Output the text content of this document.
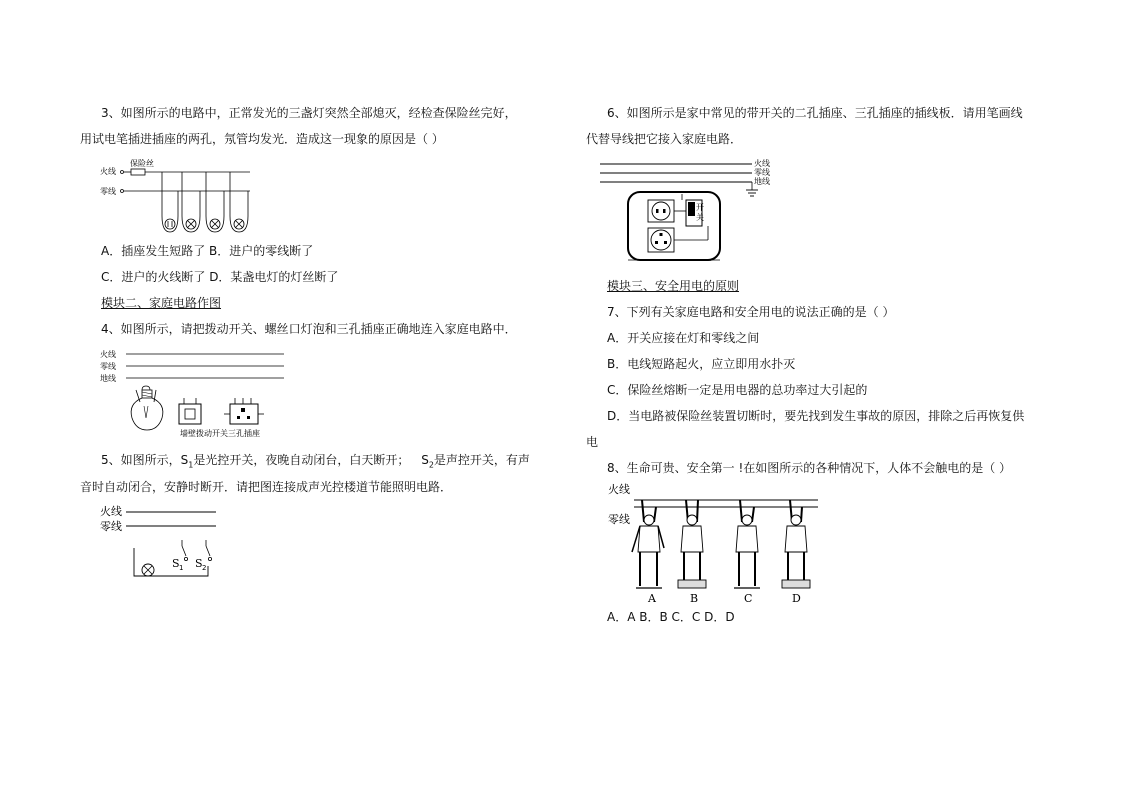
3、如图所示的电路中，正常发光的三盏灯突然全部熄灭，经检查保险丝完好，
用试电笔插进插座的两孔，氖管均发光．造成这一现象的原因是（ ）
火线
保险丝
零线
A．插座发生短路了 B．进户的零线断了
C．进户的火线断了 D．某盏电灯的灯丝断了
模块二、家庭电路作图
4、如图所示，请把拨动开关、螺丝口灯泡和三孔插座正确地连入家庭电路中．
火线
零线
地线
墙壁拨动开关 三孔插座
5、如图所示，$S_1$是光控开关，夜晚自动闭台，白天断开； $S_2$是声控开关，有声
音时自动闭合，安静时断开．请把图连接成声光控楼道节能照明电路．
火线
零线
S 1 S 2
6、如图所示是家中常见的带开关的二孔插座、三孔插座的插线板．请用笔画线
代替导线把它接入家庭电路．
火线
零线
地线
开
关
模块三、安全用电的原则
7、下列有关家庭电路和安全用电的说法正确的是（ ）
A．开关应接在灯和零线之间
B．电线短路起火，应立即用水扑灭
C．保险丝熔断一定是用电器的总功率过大引起的
D．当电路被保险丝装置切断时，要先找到发生事故的原因，排除之后再恢复供
电
8、生命可贵、安全第一 !在如图所示的各种情况下，人体不会触电的是（ ）
火线
零线
A	B	C	D
A．A B．B C．C D．D
